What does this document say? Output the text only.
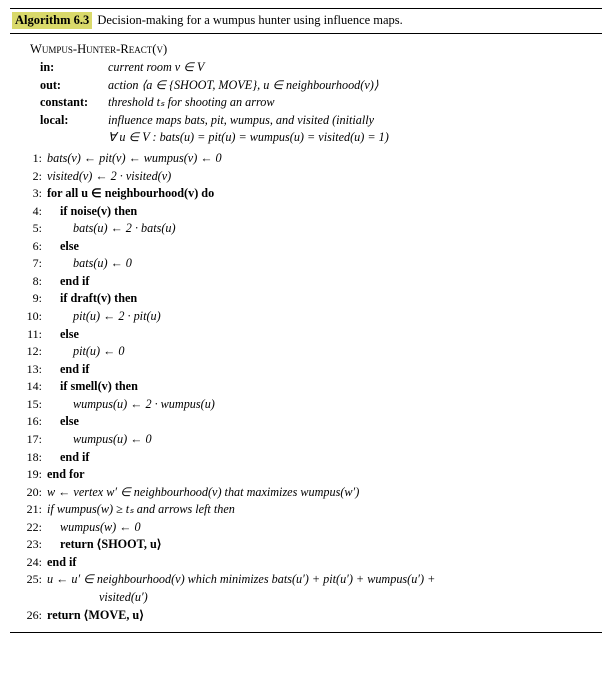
Algorithm 6.3 Decision-making for a wumpus hunter using influence maps.
Wumpus-Hunter-React(v)
in:	current room v ∈ V
out:	action ⟨a ∈ {SHOOT, MOVE}, u ∈ neighbourhood(v)⟩
constant:	threshold tₛ for shooting an arrow
local:	influence maps bats, pit, wumpus, and visited (initially
∀ u ∈ V : bats(u) = pit(u) = wumpus(u) = visited(u) = 1)
1: bats(v) ← pit(v) ← wumpus(v) ← 0
2: visited(v) ← 2 · visited(v)
3: for all u ∈ neighbourhood(v) do
4:	if noise(v) then
5:	bats(u) ← 2 · bats(u)
6:	else
7:	bats(u) ← 0
8:	end if
9:	if draft(v) then
10:	pit(u) ← 2 · pit(u)
11:	else
12:	pit(u) ← 0
13:	end if
14:	if smell(v) then
15:	wumpus(u) ← 2 · wumpus(u)
16:	else
17:	wumpus(u) ← 0
18:	end if
19: end for
20: w ← vertex w′ ∈ neighbourhood(v) that maximizes wumpus(w′)
21: if wumpus(w) ≥ tₛ and arrows left then
22:	wumpus(w) ← 0
23:	return ⟨SHOOT, u⟩
24: end if
25: u ← u′ ∈ neighbourhood(v) which minimizes bats(u′) + pit(u′) + wumpus(u′) +
visited(u′)
26: return ⟨MOVE, u⟩
